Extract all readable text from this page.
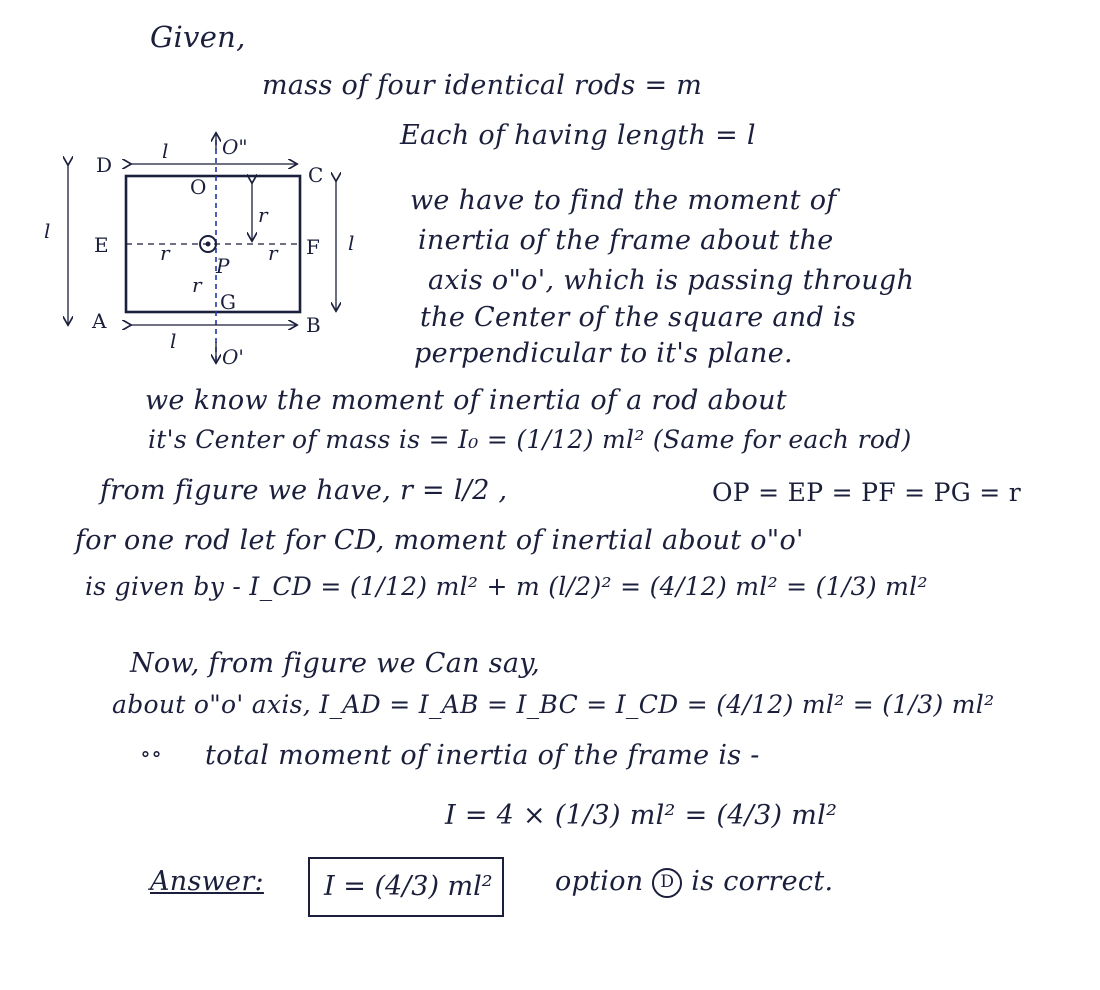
Given,
mass of four identical rods = m
Each of having length = l
D	C
A	B
E	F
P
O
G
O"
O'
l
l
l	l
r
r	r
r
we have to find the moment of
inertia of the frame about the
axis o"o', which is passing through
the Center of the square and is
perpendicular to it's plane.
we know the moment of inertia of a rod about
it's Center of mass is = I₀ = (1/12) ml² (Same for each rod)
from figure we have, r = l/2 ,	OP = EP = PF = PG = r
for one rod let for CD, moment of inertial about o"o'
is given by - I_CD = (1/12) ml² + m (l/2)² = (4/12) ml² = (1/3) ml²
Now, from figure we Can say,
about o"o' axis, I_AD = I_AB = I_BC = I_CD = (4/12) ml² = (1/3) ml²
∘∘ total moment of inertia of the frame is -
I = 4 × (1/3) ml² = (4/3) ml²
Answer: I = (4/3) ml² option D is correct.
